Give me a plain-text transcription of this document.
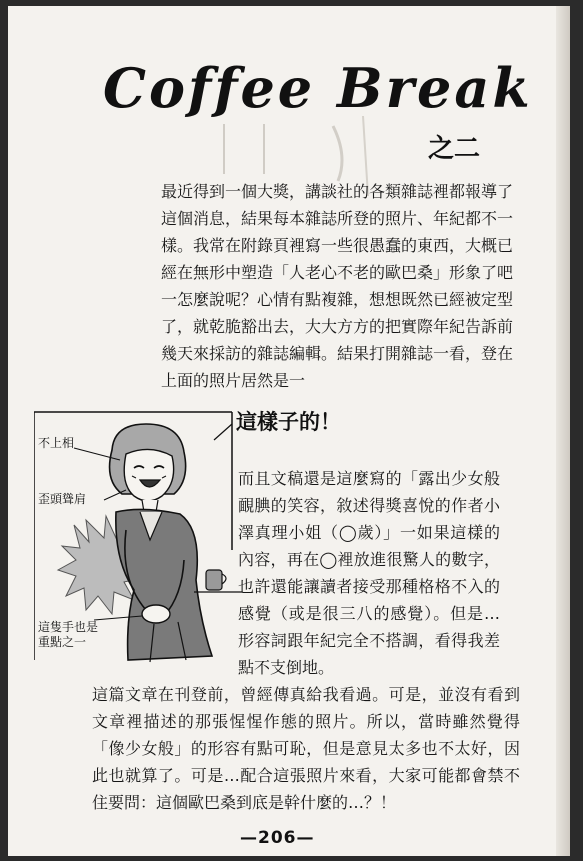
Coffee Break
之二

最近得到一個大獎，講談社的各類雜誌裡都報導了這個消息，結果每本雜誌所登的照片、年紀都不一樣。我常在附錄頁裡寫一些很愚蠢的東西，大概已經在無形中塑造「人老心不老的歐巴桑」形象了吧一怎麼說呢？心情有點複雜，想想既然已經被定型了，就乾脆豁出去，大大方方的把實際年紀告訴前幾天來採訪的雜誌編輯。結果打開雜誌一看，登在上面的照片居然是一

這樣子的！
不上相
歪頭聳肩
這隻手也是重點之一

而且文稿還是這麼寫的「露出少女般靦腆的笑容，敘述得獎喜悅的作者小澤真理小姐（◯歲）」一如果這樣的內容，再在◯裡放進很驚人的數字，也許還能讓讀者接受那種格格不入的感覺（或是很三八的感覺）。但是…形容詞跟年紀完全不搭調，看得我差點不支倒地。

這篇文章在刊登前，曾經傳真給我看過。可是，並沒有看到文章裡描述的那張惺惺作態的照片。所以，當時雖然覺得「像少女般」的形容有點可恥，但是意見太多也不太好，因此也就算了。可是…配合這張照片來看，大家可能都會禁不住要問：這個歐巴桑到底是幹什麼的…？！

—206—
